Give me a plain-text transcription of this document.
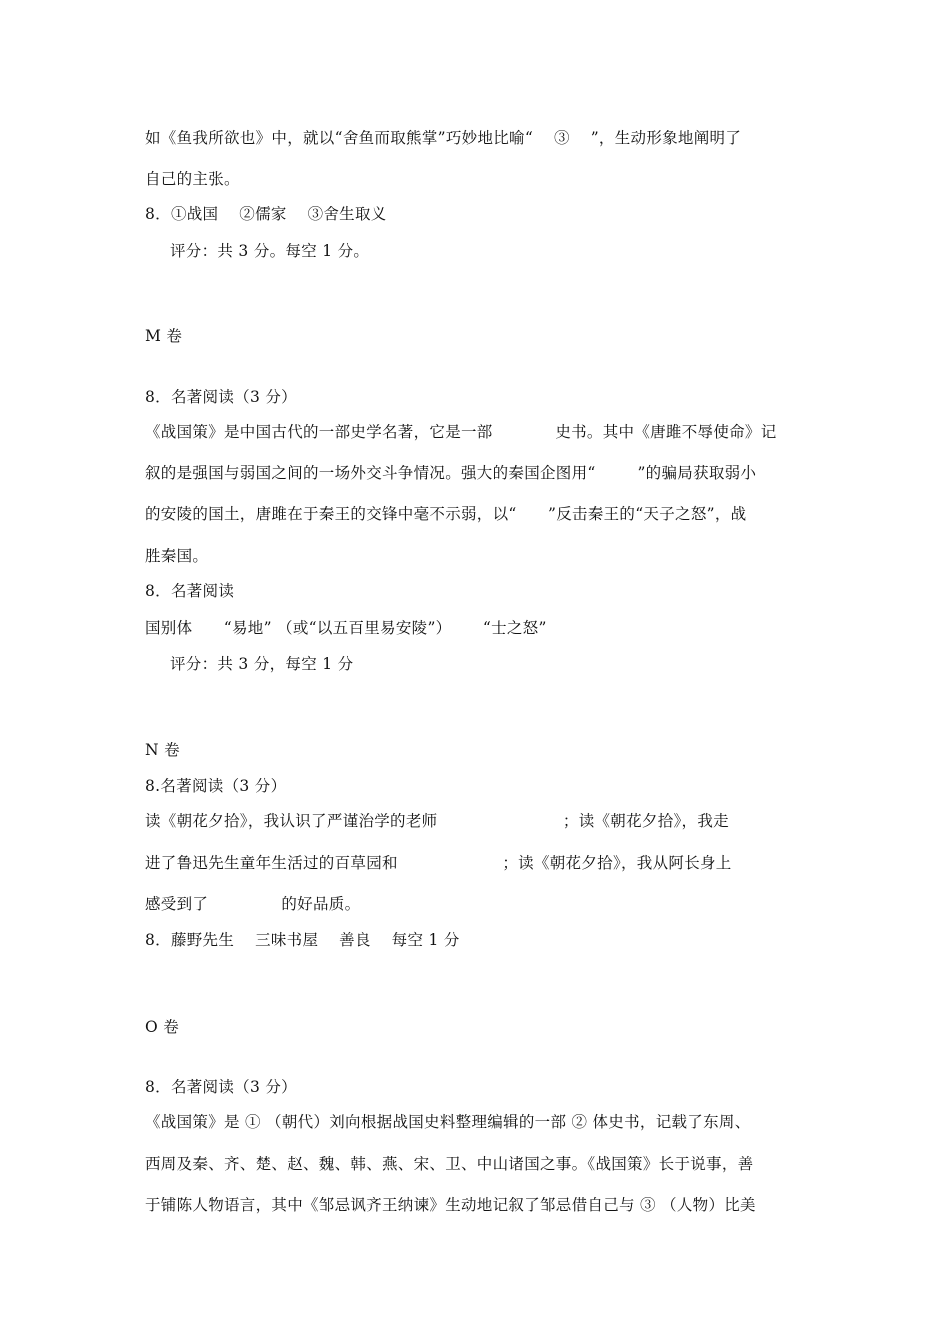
如《鱼我所欲也》中，就以“舍鱼而取熊掌”巧妙地比喻“    ③    ”，生动形象地阐明了
自己的主张。
8．①战国    ②儒家    ③舍生取义
评分：共 3 分。每空 1 分。
M 卷
8．名著阅读（3 分）
《战国策》是中国古代的一部史学名著，它是一部            史书。其中《唐雎不辱使命》记
叙的是强国与弱国之间的一场外交斗争情况。强大的秦国企图用“        ”的骗局获取弱小
的安陵的国土，唐雎在于秦王的交锋中毫不示弱，以“      ”反击秦王的“天子之怒”，战
胜秦国。
8．名著阅读
国别体      “易地” （或“以五百里易安陵”）      “士之怒”
评分：共 3 分，每空 1 分
N 卷
8.名著阅读（3 分）
读《朝花夕拾》，我认识了严谨治学的老师                        ；读《朝花夕拾》，我走
进了鲁迅先生童年生活过的百草园和                    ；读《朝花夕拾》，我从阿长身上
感受到了              的好品质。
8．藤野先生    三味书屋    善良    每空 1 分
O 卷
8．名著阅读（3 分）
《战国策》是 ① （朝代）刘向根据战国史料整理编辑的一部 ② 体史书，记载了东周、
西周及秦、齐、楚、赵、魏、韩、燕、宋、卫、中山诸国之事。《战国策》长于说事，善
于铺陈人物语言，其中《邹忌讽齐王纳谏》生动地记叙了邹忌借自己与 ③ （人物）比美
